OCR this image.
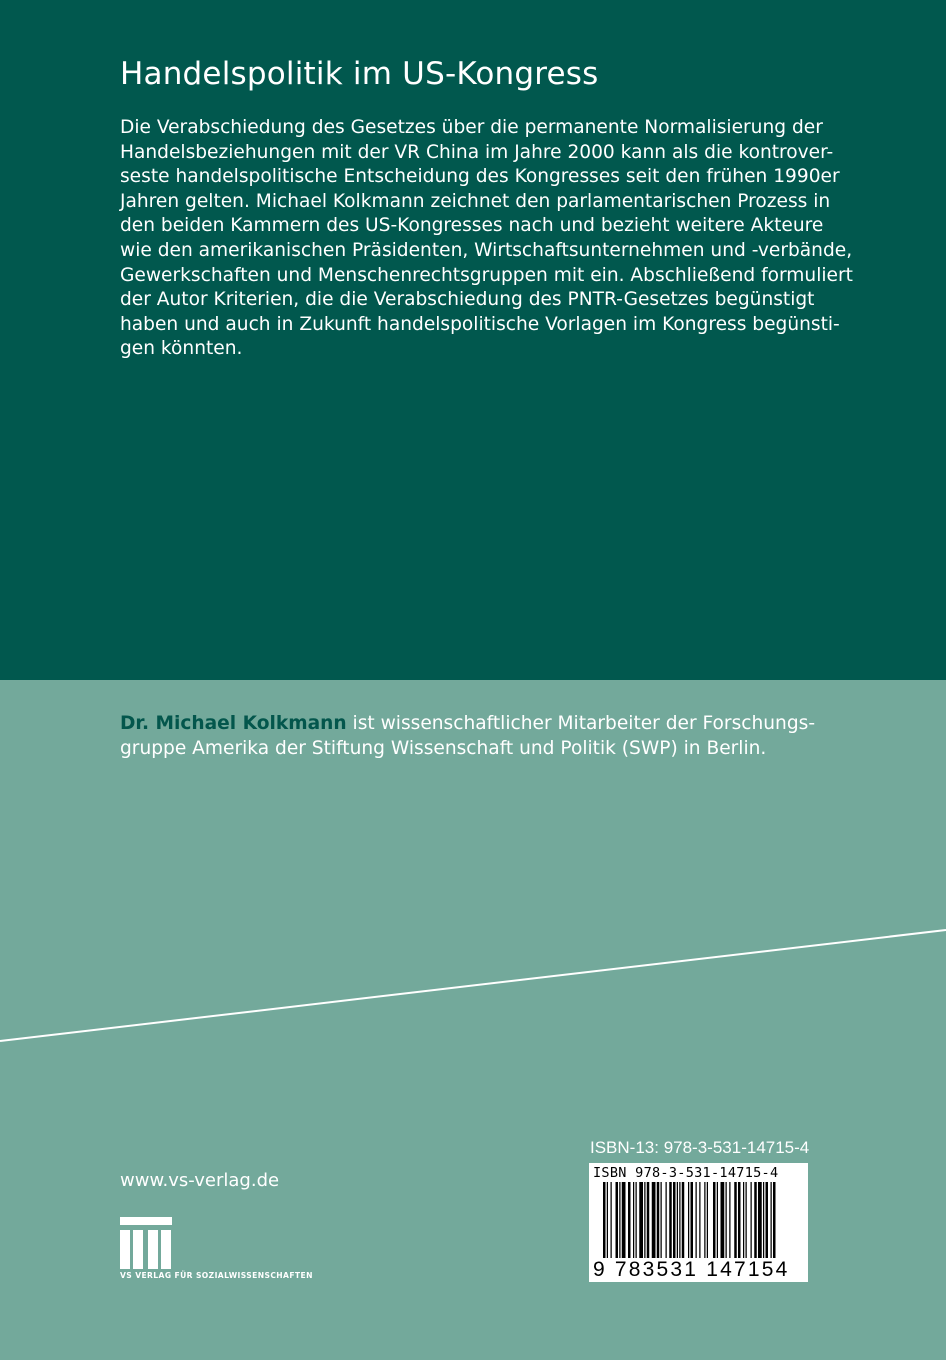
Handelspolitik im US-Kongress
Die Verabschiedung des Gesetzes über die permanente Normalisierung der
Handelsbeziehungen mit der VR China im Jahre 2000 kann als die kontrover-
seste handelspolitische Entscheidung des Kongresses seit den frühen 1990er
Jahren gelten. Michael Kolkmann zeichnet den parlamentarischen Prozess in
den beiden Kammern des US-Kongresses nach und bezieht weitere Akteure
wie den amerikanischen Präsidenten, Wirtschaftsunternehmen und -verbände,
Gewerkschaften und Menschenrechtsgruppen mit ein. Abschließend formuliert
der Autor Kriterien, die die Verabschiedung des PNTR-Gesetzes begünstigt
haben und auch in Zukunft handelspolitische Vorlagen im Kongress begünsti-
gen könnten.
Dr. Michael Kolkmann ist wissenschaftlicher Mitarbeiter der Forschungs-
gruppe Amerika der Stiftung Wissenschaft und Politik (SWP) in Berlin.
www.vs-verlag.de
VS VERLAG FÜR SOZIALWISSENSCHAFTEN
ISBN-13: 978-3-531-14715-4
ISBN 978-3-531-14715-4
9 783531 147154
